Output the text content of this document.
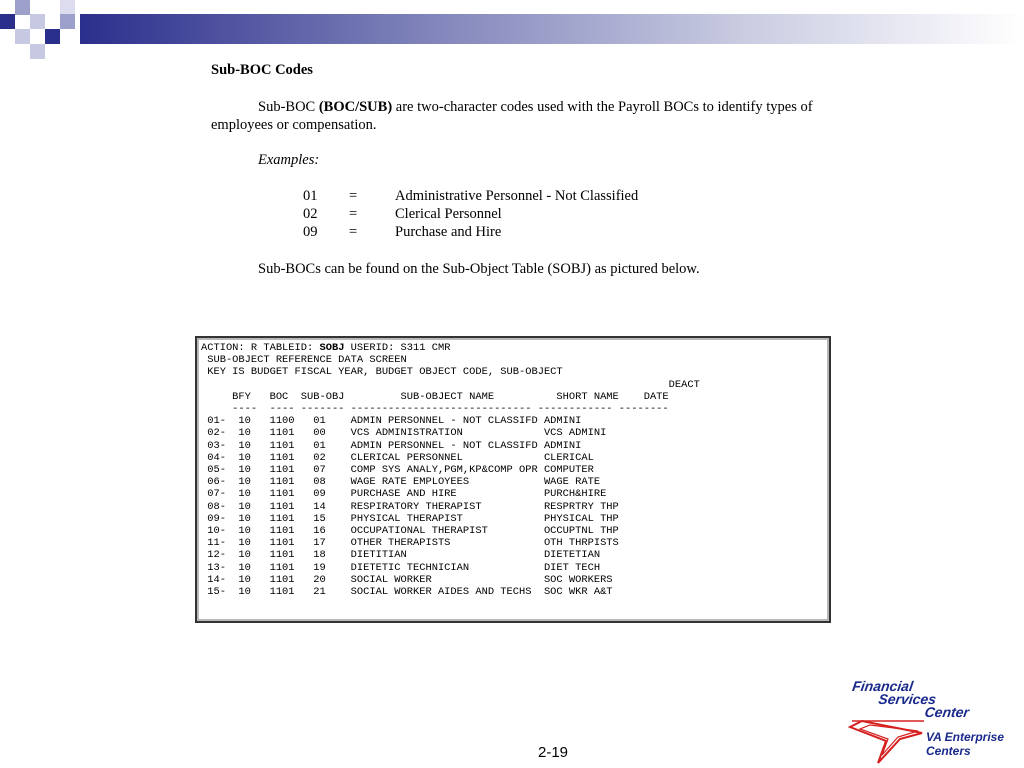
Sub-BOC Codes
Sub-BOC (BOC/SUB) are two-character codes used with the Payroll BOCs to identify types of employees or compensation.
Examples:
01 =	Administrative Personnel - Not Classified
02 =	Clerical Personnel
09 =	Purchase and Hire
Sub-BOCs can be found on the Sub-Object Table (SOBJ) as pictured below.
ACTION: R TABLEID: SOBJ USERID: S311 CMR
SUB-OBJECT REFERENCE DATA SCREEN
KEY IS BUDGET FISCAL YEAR, BUDGET OBJECT CODE, SUB-OBJECT
DEACT
BFY   BOC  SUB-OBJ         SUB-OBJECT NAME          SHORT NAME    DATE
----  ---- ------- ----------------------------- ------------ --------
01-  10   1100   01    ADMIN PERSONNEL - NOT CLASSIFD ADMINI
02-  10   1101   00    VCS ADMINISTRATION             VCS ADMINI
03-  10   1101   01    ADMIN PERSONNEL - NOT CLASSIFD ADMINI
04-  10   1101   02    CLERICAL PERSONNEL             CLERICAL
05-  10   1101   07    COMP SYS ANALY,PGM,KP&COMP OPR COMPUTER
06-  10   1101   08    WAGE RATE EMPLOYEES            WAGE RATE
07-  10   1101   09    PURCHASE AND HIRE              PURCH&HIRE
08-  10   1101   14    RESPIRATORY THERAPIST          RESPRTRY THP
09-  10   1101   15    PHYSICAL THERAPIST             PHYSICAL THP
10-  10   1101   16    OCCUPATIONAL THERAPIST         OCCUPTNL THP
11-  10   1101   17    OTHER THERAPISTS               OTH THRPISTS
12-  10   1101   18    DIETITIAN                      DIETETIAN
13-  10   1101   19    DIETETIC TECHNICIAN            DIET TECH
14-  10   1101   20    SOCIAL WORKER                  SOC WORKERS
15-  10   1101   21    SOCIAL WORKER AIDES AND TECHS  SOC WKR A&T
2-19
Financial
Services
Center
VA Enterprise
Centers
